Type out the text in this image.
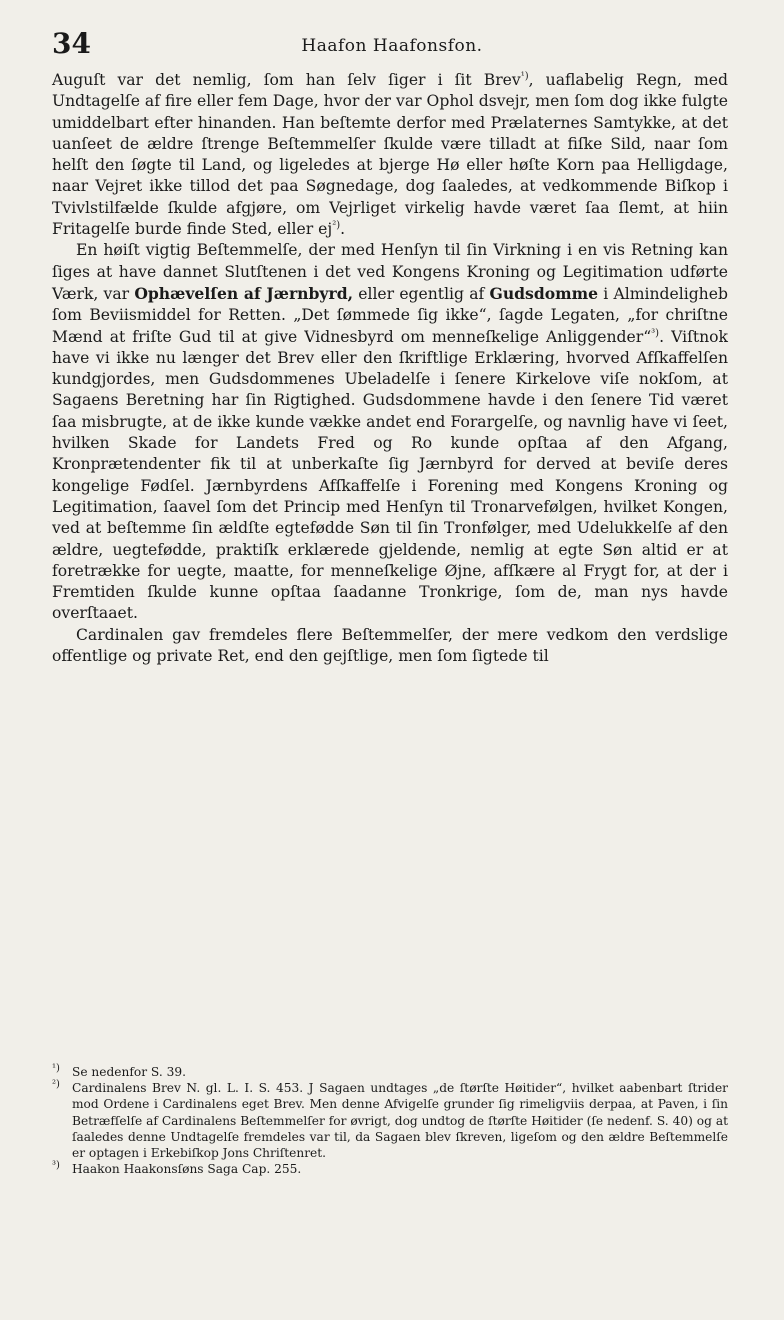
34	Haafon Haafonsfon.

Auguſt var det nemlig, ſom han ſelv ſiger i ſit Brev$^{^1)}$, uaflabelig Regn, med Undtagelſe af fire eller fem Dage, hvor der var Ophol dsvejr, men ſom dog ikke fulgte umiddelbart efter hinanden. Han beſtemte derfor med Prælaternes Samtykke, at det uanſeet de ældre ſtrenge Beſtemmelſer ſkulde være tilladt at fiſke Sild, naar ſom helſt den ſøgte til Land, og ligeledes at bjerge Hø eller høſte Korn paa Helligdage, naar Vejret ikke tillod det paa Søgnedage, dog ſaaledes, at vedkommende Biſkop i Tvivlstilfælde ſkulde afgjøre, om Vejrliget virkelig havde været ſaa ſlemt, at hiin Fritagelſe burde finde Sted, eller $ej^{^2)}$.

En høiſt vigtig Beſtemmelſe, der med Henſyn til ſin Virkning i en vis Retning kan ſiges at have dannet Slutſtenen i det ved Kongens Kroning og Legitimation udførte Værk, var Ophævelſen af Jærnbyrd, eller egentlig af Gudsdomme i Almindeligheb ſom Beviismiddel for Retten. „Det ſømmede ſig ikke“, ſagde Legaten, „for chriſtne Mænd at friſte Gud til at give Vidnesbyrd om menneſkelige Anliggender“$^{^3)}$. Viſtnok have vi ikke nu længer det Brev eller den ſkriftlige Erklæring, hvorved Afſkaffelſen kundgjordes, men Gudsdommenes Ubeladelſe i ſenere Kirkelove viſe nokſom, at Sagaens Beretning har ſin Rigtighed. Gudsdommene havde i den ſenere Tid været ſaa misbrugte, at de ikke kunde vække andet end Forargelſe, og navnlig have vi ſeet, hvilken Skade for Landets Fred og Ro kunde opſtaa af den Afgang, Kronprætendenter fik til at unberkaſte ſig Jærnbyrd for derved at beviſe deres kongelige Fødſel. Jærnbyrdens Afſkaffelſe i Forening med Kongens Kroning og Legitimation, ſaavel ſom det Princip med Henſyn til Tronarvefølgen, hvilket Kongen, ved at beſtemme ſin ældſte egtefødde Søn til ſin Tronfølger, med Udelukkelſe af den ældre, uegtefødde, praktiſk erklærede gjeldende, nemlig at egte Søn altid er at foretrække for uegte, maatte, for menneſkelige Øjne, afſkære al Frygt for, at der i Fremtiden ſkulde kunne opſtaa ſaadanne Tronkrige, ſom de, man nys havde overſtaaet.

Cardinalen gav fremdeles flere Beſtemmelſer, der mere vedkom den verdslige offentlige og private Ret, end den gejſtlige, men ſom ſigtede til

¹) Se nedenfor S. 39.

²) Cardinalens Brev N. gl. L. I. S. 453. J Sagaen undtages „de ſtørſte Høitider“, hvilket aabenbart ſtrider mod Ordene i Cardinalens eget Brev. Men denne Afvigelſe grunder ſig rimeligviis derpaa, at Paven, i ſin Betræfſelſe af Cardinalens Beſtemmelſer for øvrigt, dog undtog de ſtørſte Høitider (ſe nedenf. S. 40) og at ſaaledes denne Undtagelſe fremdeles var til, da Sagaen blev ſkreven, ligeſom og den ældre Beſtemmelſe er optagen i Erkebiſkop Jons Chriſtenret.

³) Haakon Haakonsſøns Saga Cap. 255.
